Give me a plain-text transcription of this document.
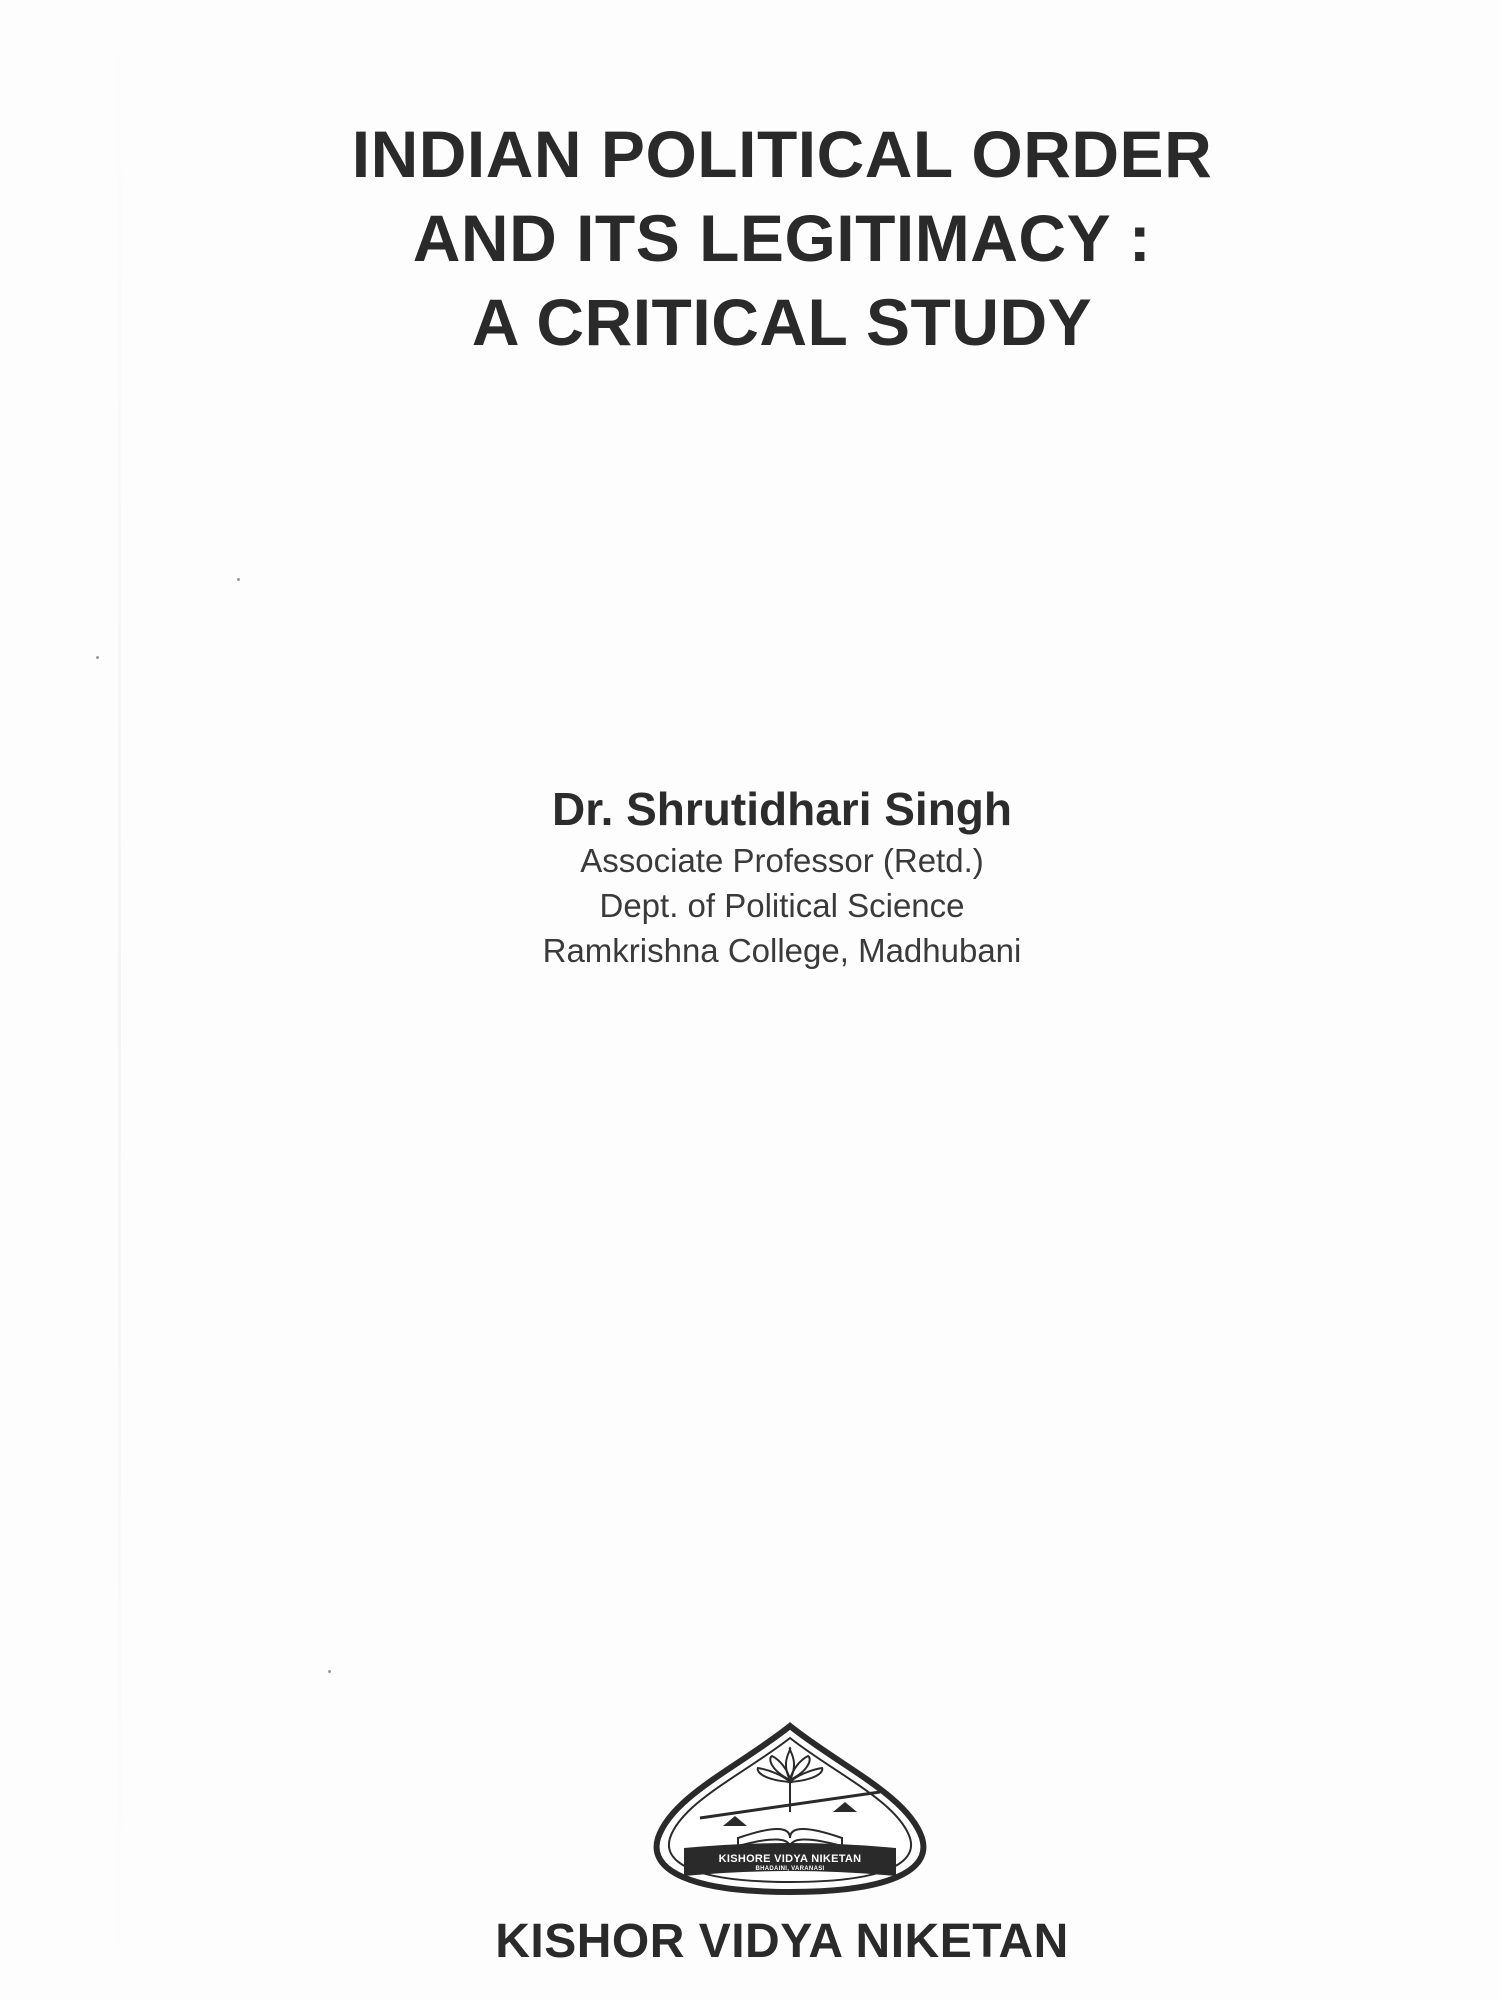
INDIAN POLITICAL ORDER
AND ITS LEGITIMACY :
A CRITICAL STUDY
Dr. Shrutidhari Singh
Associate Professor (Retd.)
Dept. of Political Science
Ramkrishna College, Madhubani
KISHORE VIDYA NIKETAN
BHADAINI, VARANASI
KISHOR VIDYA NIKETAN
